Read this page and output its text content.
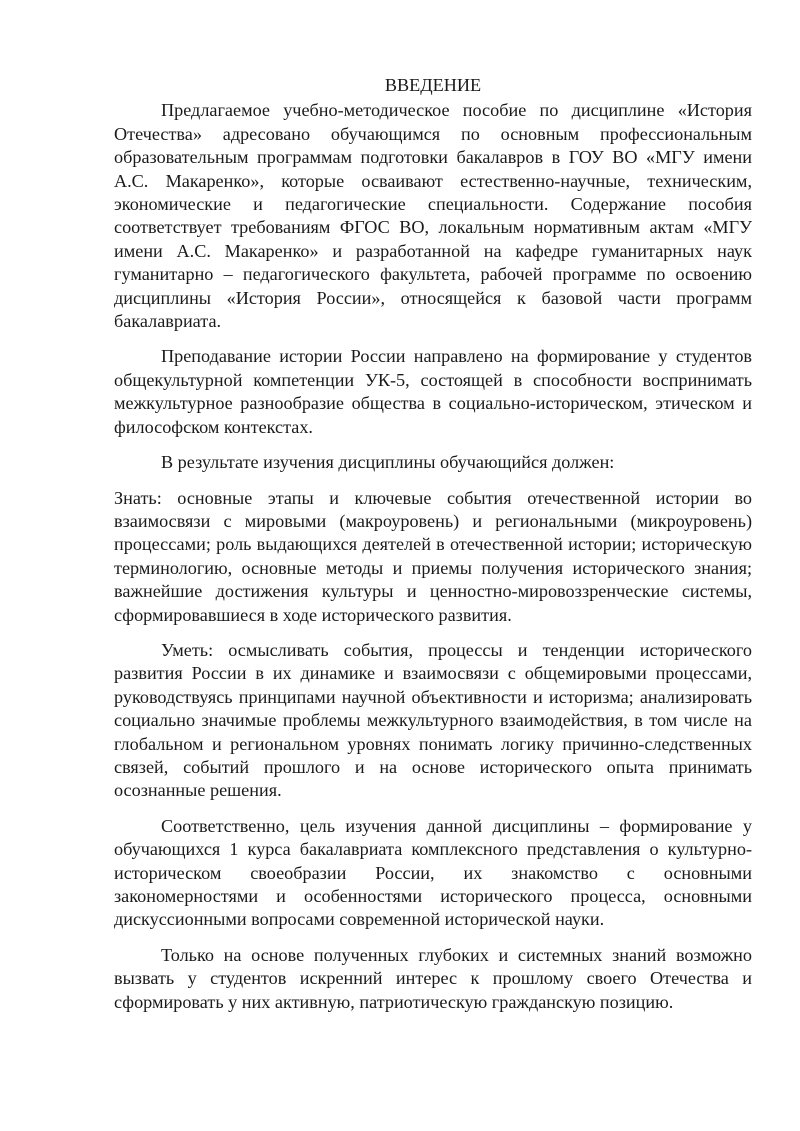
ВВЕДЕНИЕ

Предлагаемое учебно-методическое пособие по дисциплине «История Отечества» адресовано обучающимся по основным профессиональным образовательным программам подготовки бакалавров в ГОУ ВО «МГУ имени А.С. Макаренко», которые осваивают естественно-научные, техническим, экономические и педагогические специальности. Содержание пособия соответствует требованиям ФГОС ВО, локальным нормативным актам «МГУ имени А.С. Макаренко» и разработанной на кафедре гуманитарных наук гуманитарно – педагогического факультета, рабочей программе по освоению дисциплины «История России», относящейся к базовой части программ бакалавриата.

Преподавание истории России направлено на формирование у студентов общекультурной компетенции УК-5, состоящей в способности воспринимать межкультурное разнообразие общества в социально-историческом, этическом и философском контекстах.

В результате изучения дисциплины обучающийся должен:

Знать: основные этапы и ключевые события отечественной истории во взаимосвязи с мировыми (макроуровень) и региональными (микроуровень) процессами; роль выдающихся деятелей в отечественной истории; историческую терминологию, основные методы и приемы получения исторического знания; важнейшие достижения культуры и ценностно-мировоззренческие системы, сформировавшиеся в ходе исторического развития.

Уметь: осмысливать события, процессы и тенденции исторического развития России в их динамике и взаимосвязи с общемировыми процессами, руководствуясь принципами научной объективности и историзма; анализировать социально значимые проблемы межкультурного взаимодействия, в том числе на глобальном и региональном уровнях понимать логику причинно-следственных связей, событий прошлого и на основе исторического опыта принимать осознанные решения.

Соответственно, цель изучения данной дисциплины – формирование у обучающихся 1 курса бакалавриата комплексного представления о культурно-историческом своеобразии России, их знакомство с основными закономерностями и особенностями исторического процесса, основными дискуссионными вопросами современной исторической науки.

Только на основе полученных глубоких и системных знаний возможно вызвать у студентов искренний интерес к прошлому своего Отечества и сформировать у них активную, патриотическую гражданскую позицию.
